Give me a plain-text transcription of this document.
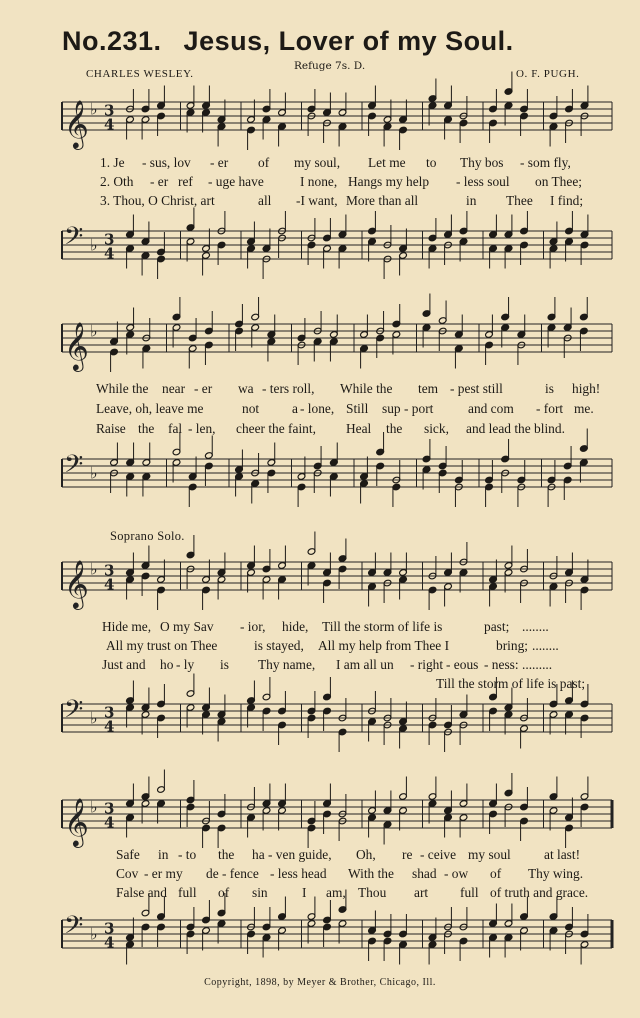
No.231. Jesus, Lover of my Soul.
CHARLES WESLEY.
Refuge 7s. D.
O. F. PUGH.
𝄞 ♭ 3
4
1. Je - sus, lov - er of my soul, Let me to Thy bos - som fly,
2. Oth - er ref - uge have	I none, Hangs my help - less soul on Thee;
3. Thou, O Christ, art	all -I want, More than all	in Thee I find;
𝄢 ♭ 3
4
𝄞 ♭
While the near - er wa - ters roll, While the tem - pest still	is high!
Leave, oh, leave me	not a - lone, Still sup - port	and com - fort me.
Raise the fal - len, cheer the faint, Heal the sick, and lead the blind.
𝄢 ♭
Soprano Solo.
𝄞 ♭ 3
4
Hide me, O my Sav - ior, hide, Till the storm of life is	past; ........
All my trust on Thee	is stayed, All my help from Thee I	bring; ........
Just and ho - ly is Thy name, I am all un - right - eous - ness: .........
Till the storm of life is past;
𝄢 ♭ 3
4
𝄞 ♭ 3
4
Safe in - to the ha - ven guide, Oh, re - ceive my soul at last!
Cov - er my de - fence - less head With the shad - ow of Thy wing.
False and full of sin	I am, Thou art full of truth and grace.
𝄢 ♭ 3
4
Copyright, 1898, by Meyer & Brother, Chicago, Ill.
